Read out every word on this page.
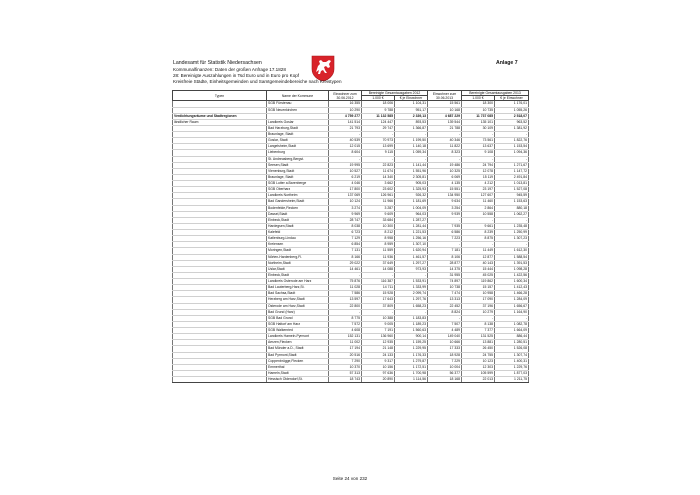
Landesamt für Statistik Niedersachsen
Kommunalfinanzen: Daten der großen Anfrage 17.1828
28: Bereinigte Auszahlungen in Tsd Euro und in Euro pro Kopf
Kreisfreie Städte, Einheitsgemeinden und Samtgemeindebereiche nach Kreistypen
Anlage 7
Typen	Name der Kommune	Einwohner zum 30.06.2012	Bereinigte Gesamtausgaben 2012		Einwohner zum 30.06.2013	Bereinigte Gesamtausgaben 2013	
			1.000 €	€ je Einwohner		1.000 €	€ je Einwohner
	SGB Fürstenau	16 355	18 006	1 104,31	15 561	18 300	1 176,01
	SGB Neuenkirchen	10 290	9 788	951,17	10 168	10 735	1 055,26
Verdichtungsräume und Stadtregionen		4 759 277	11 132 585	2 339,13	4 687 229	11 737 085	2 518,07
ländlicher Raum	Landkreis Goslar	141 514	124 447	893,53	139 544	135 101	963,52
	Bad Harzburg,Stadt	21 793	29 747	1 366,87	21 788	30 109	1 381,92
	Braunlage, Stadt	-	-	-	-	-	-
	Goslar, Stadt	40 539	70 973	1 199,50	40 346	73 561	1 822,76
	Langelsheim,Stadt	12 015	13 699	1 140,18	11 822	13 637	1 153,54
	Liebenburg	8 604	9 115	1 059,34	8 323	9 108	1 094,36
	St. Andreasberg,Bergst.	-	-	-	-	-	-
	Seesen,Stadt	19 995	22 823	1 141,44	19 486	24 794	1 271,67
	Vienenburg,Stadt	10 527	11 674	1 551,96	10 325	12 078	1 147,72
	Braunlage, Stadt	6 219	14 340	2 305,81	6 069	15 119	2 491,84
	SGB Lutter a.Barenberge	4 046	3 662	905,03	4 135	4 212	1 013,81
	SGB Oberharz	17 800	23 602	1 325,93	15 551	23 197	1 527,08
	Landkreis Northeim	137 069	126 961	926,32	134 950	127 607	945,59
	Bad Gandersheim,Stadt	10 124	11 966	1 181,69	9 634	11 460	1 153,63
	Bodenfelde,Flecken	3 274	3 287	1 004,09	3 254	2 864	880,18
	Dassel,Stadt	9 969	9 609	964,03	9 939	10 558	1 062,27
	Einbeck,Stadt	28 747	33 684	1 287,27	-	-	-
	Hardegsen,Stadt	8 038	10 300	1 281,44	7 935	9 661	1 235,48
	Kalefeld	6 723	8 212	1 221,53	6 586	8 239	1 250,99
	Katlenburg-Lindau	7 129	8 958	1 256,16	7 223	8 875	1 307,23
	Kreiensen	6 854	8 959	1 307,10	-	-	-
	Moringen,Stadt	7 131	11 559	1 620,94	7 181	11 449	1 612,30
	Nörten-Hardenberg,Fl.	8 166	11 936	1 461,57	8 106	12 877	1 588,54
	Northeim,Stadt	29 022	37 649	1 297,27	28 877	40 143	1 391,53
	Uslar,Stadt	14 461	14 088	973,93	14 375	15 444	1 098,28
	Einbeck,Stadt	-	-	-	31 955	45 025	1 422,56
	Landkreis Osterode am Harz	75 876	116 387	1 533,91	74 897	119 862	1 600,34
	Bad Lauterberg,Harz,St.	11 028	14 711	1 333,99	10 738	15 157	1 412,43
	Bad Sachsa,Stadt	7 586	15 928	2 099,74	7 474	10 958	1 466,28
	Herzberg am Harz,Stadt	13 597	17 643	1 297,76	13 313	17 090	1 284,09
	Osterode am Harz,Stadt	22 800	37 809	1 658,23	22 452	37 196	1 656,67
	Bad Grund (Harz)	-	-	-	8 824	10 279	1 164,90
	SGB Bad Grund	8 775	10 388	1 183,83	-	-	-
	SGB Hattorf am Harz	7 572	9 005	1 189,23	7 507	8 138	1 082,78
	SGB Walkenried	4 608	7 191	1 560,63	4 489	7 377	1 664,09
	Landkreis Hameln-Pyrmont	152 131	136 960	900,14	149 040	131 525	886,44
	Aerzen,Flecken	11 002	12 935	1 159,25	10 666	13 881	1 280,51
	Bad Münder a.D., Stadt	17 194	21 148	1 229,95	17 333	26 450	1 526,08
	Bad Pyrmont,Stadt	20 516	24 133	1 176,33	18 928	24 755	1 307,74
	Coppenbrügge,Flecken	7 290	9 317	1 279,87	7 229	10 123	1 400,31
	Emmerthal	10 370	10 156	1 172,51	10 004	12 303	1 229,76
	Hameln,Stadt	57 313	97 636	1 700,98	56 377	105 599	1 877,03
	Hessisch Oldendorf,St.	18 743	20 890	1 114,56	18 168	22 013	1 211,75
Seite 24 von 232
